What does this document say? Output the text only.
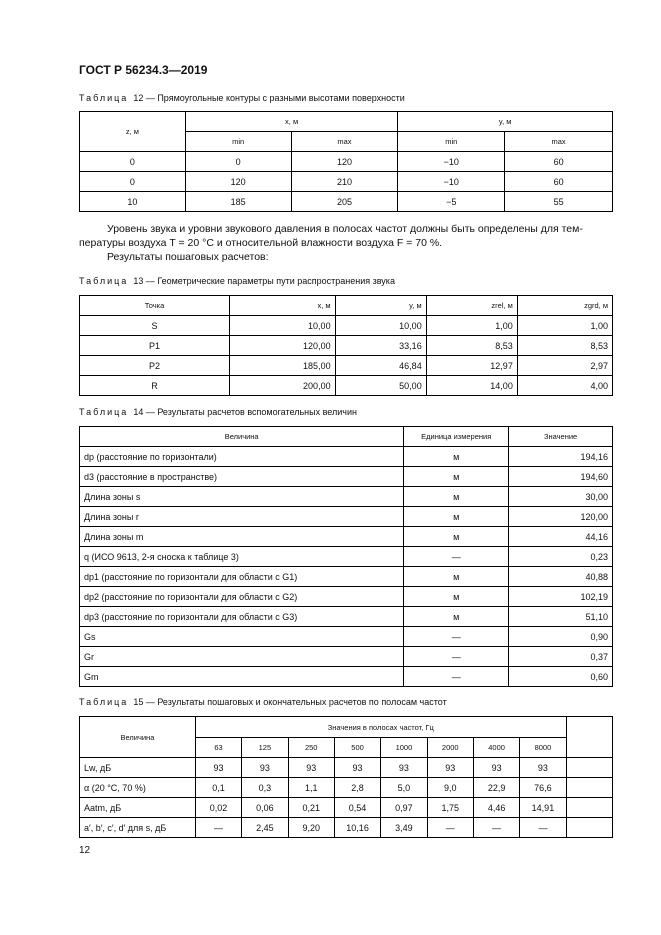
ГОСТ Р 56234.3—2019
Таблица 12 — Прямоугольные контуры с разными высотами поверхности
z, м	x, м		y, м	
	min	max	min	max
0	0	120	−10	60
0	120	210	−10	60
10	185	205	−5	55
Уровень звука и уровни звукового давления в полосах частот должны быть определены для тем-
пературы воздуха T = 20 °C и относительной влажности воздуха F = 70 %.
Результаты пошаговых расчетов:
Таблица 13 — Геометрические параметры пути распространения звука
Точка	x, м	y, м	zrel, м	zgrd, м
S	10,00	10,00	1,00	1,00
P1	120,00	33,16	8,53	8,53
P2	185,00	46,84	12,97	2,97
R	200,00	50,00	14,00	4,00
Таблица 14 — Результаты расчетов вспомогательных величин
Величина	Единица измерения	Значение
dp (расстояние по горизонтали)	м	194,16
d3 (расстояние в пространстве)	м	194,60
Длина зоны s	м	30,00
Длина зоны r	м	120,00
Длина зоны m	м	44,16
q (ИСО 9613, 2-я сноска к таблице 3)	—	0,23
dp1 (расстояние по горизонтали для области с G1)	м	40,88
dp2 (расстояние по горизонтали для области с G2)	м	102,19
dp3 (расстояние по горизонтали для области с G3)	м	51,10
Gs	—	0,90
Gr	—	0,37
Gm	—	0,60
Таблица 15 — Результаты пошаговых и окончательных расчетов по полосам частот
Величина	Значения в полосах частот, Гц								
	63	125	250	500	1000	2000	4000	8000	
Lw, дБ	93	93	93	93	93	93	93	93	
α (20 °C, 70 %)	0,1	0,3	1,1	2,8	5,0	9,0	22,9	76,6	
Aatm, дБ	0,02	0,06	0,21	0,54	0,97	1,75	4,46	14,91	
a′, b′, c′, d′ для s, дБ	—	2,45	9,20	10,16	3,49	—	—	—	
12
